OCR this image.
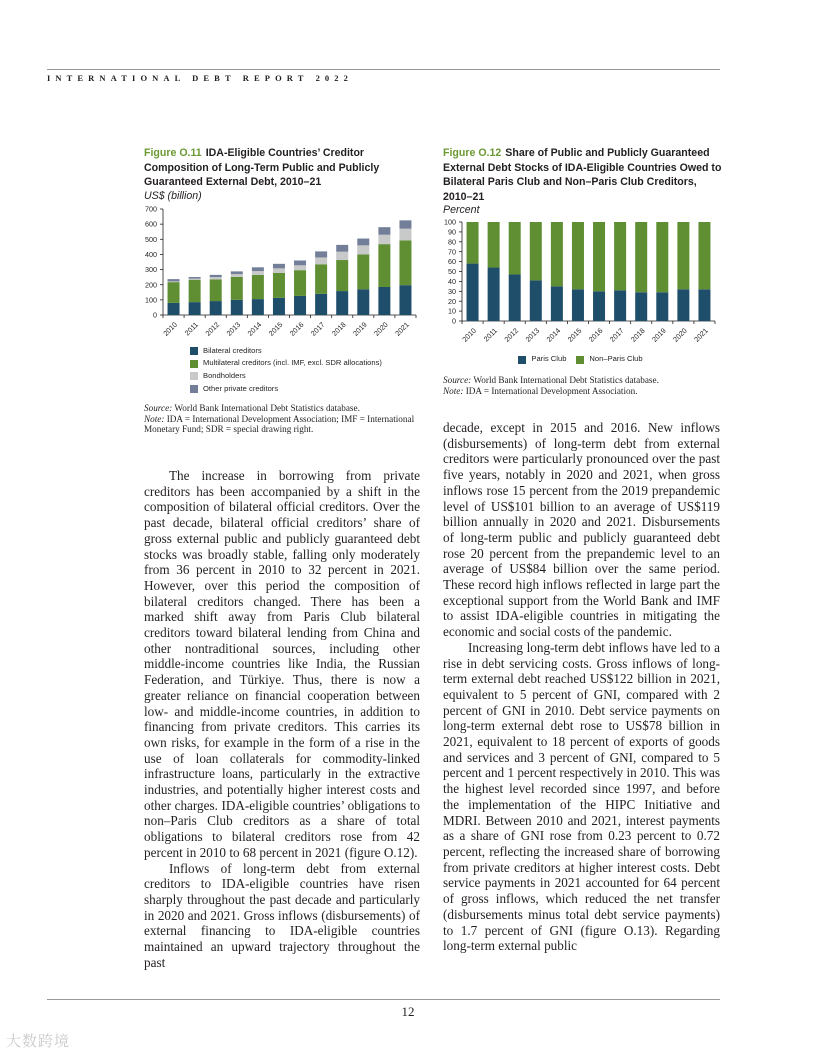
INTERNATIONAL DEBT REPORT 2022
Figure O.11 IDA-Eligible Countries’ Creditor Composition of Long-Term Public and Publicly Guaranteed External Debt, 2010–21
US$ (billion)
0
100
200
300
400
500
600
700
2010 2011 2012 2013 2014 2015 2016 2017 2018 2019 2020 2021
Bilateral creditors
Multilateral creditors (incl. IMF, excl. SDR allocations)
Bondholders
Other private creditors
Source: World Bank International Debt Statistics database.
Note: IDA = International Development Association; IMF = International Monetary Fund; SDR = special drawing right.
Figure O.12 Share of Public and Publicly Guaranteed External Debt Stocks of IDA-Eligible Countries Owed to Bilateral Paris Club and Non–Paris Club Creditors, 2010–21
Percent
0
10
20
30
40
50
60
70
80
90
100
2010 2011 2012 2013 2014 2015 2016 2017 2018 2019 2020 2021
Paris Club	Non–Paris Club
Source: World Bank International Debt Statistics database.
Note: IDA = International Development Association.

The increase in borrowing from private creditors has been accompanied by a shift in the composition of bilateral official creditors. Over the past decade, bilateral official creditors’ share of gross external public and publicly guaranteed debt stocks was broadly stable, falling only moderately from 36 percent in 2010 to 32 percent in 2021. However, over this period the composition of bilateral creditors changed. There has been a marked shift away from Paris Club bilateral creditors toward bilateral lending from China and other nontraditional sources, including other middle-income countries like India, the Russian Federation, and Türkiye. Thus, there is now a greater reliance on financial cooperation between low- and middle-income countries, in addition to financing from private creditors. This carries its own risks, for example in the form of a rise in the use of loan collaterals for commodity-linked infrastructure loans, particularly in the extractive industries, and potentially higher interest costs and other charges. IDA-eligible countries’ obligations to non–Paris Club creditors as a share of total obligations to bilateral creditors rose from 42 percent in 2010 to 68 percent in 2021 (figure O.12).

Inflows of long-term debt from external creditors to IDA-eligible countries have risen sharply throughout the past decade and particularly in 2020 and 2021. Gross inflows (disbursements) of external financing to IDA-eligible countries maintained an upward trajectory throughout the past

decade, except in 2015 and 2016. New inflows (disbursements) of long-term debt from external creditors were particularly pronounced over the past five years, notably in 2020 and 2021, when gross inflows rose 15 percent from the 2019 prepandemic level of US$101 billion to an average of US$119 billion annually in 2020 and 2021. Disbursements of long-term public and publicly guaranteed debt rose 20 percent from the prepandemic level to an average of US$84 billion over the same period. These record high inflows reflected in large part the exceptional support from the World Bank and IMF to assist IDA-eligible countries in mitigating the economic and social costs of the pandemic.

Increasing long-term debt inflows have led to a rise in debt servicing costs. Gross inflows of long-term external debt reached US$122 billion in 2021, equivalent to 5 percent of GNI, compared with 2 percent of GNI in 2010. Debt service payments on long-term external debt rose to US$78 billion in 2021, equivalent to 18 percent of exports of goods and services and 3 percent of GNI, compared to 5 percent and 1 percent respectively in 2010. This was the highest level recorded since 1997, and before the implementation of the HIPC Initiative and MDRI. Between 2010 and 2021, interest payments as a share of GNI rose from 0.23 percent to 0.72 percent, reflecting the increased share of borrowing from private creditors at higher interest costs. Debt service payments in 2021 accounted for 64 percent of gross inflows, which reduced the net transfer (disbursements minus total debt service payments) to 1.7 percent of GNI (figure O.13). Regarding long-term external public

12
大数跨境
